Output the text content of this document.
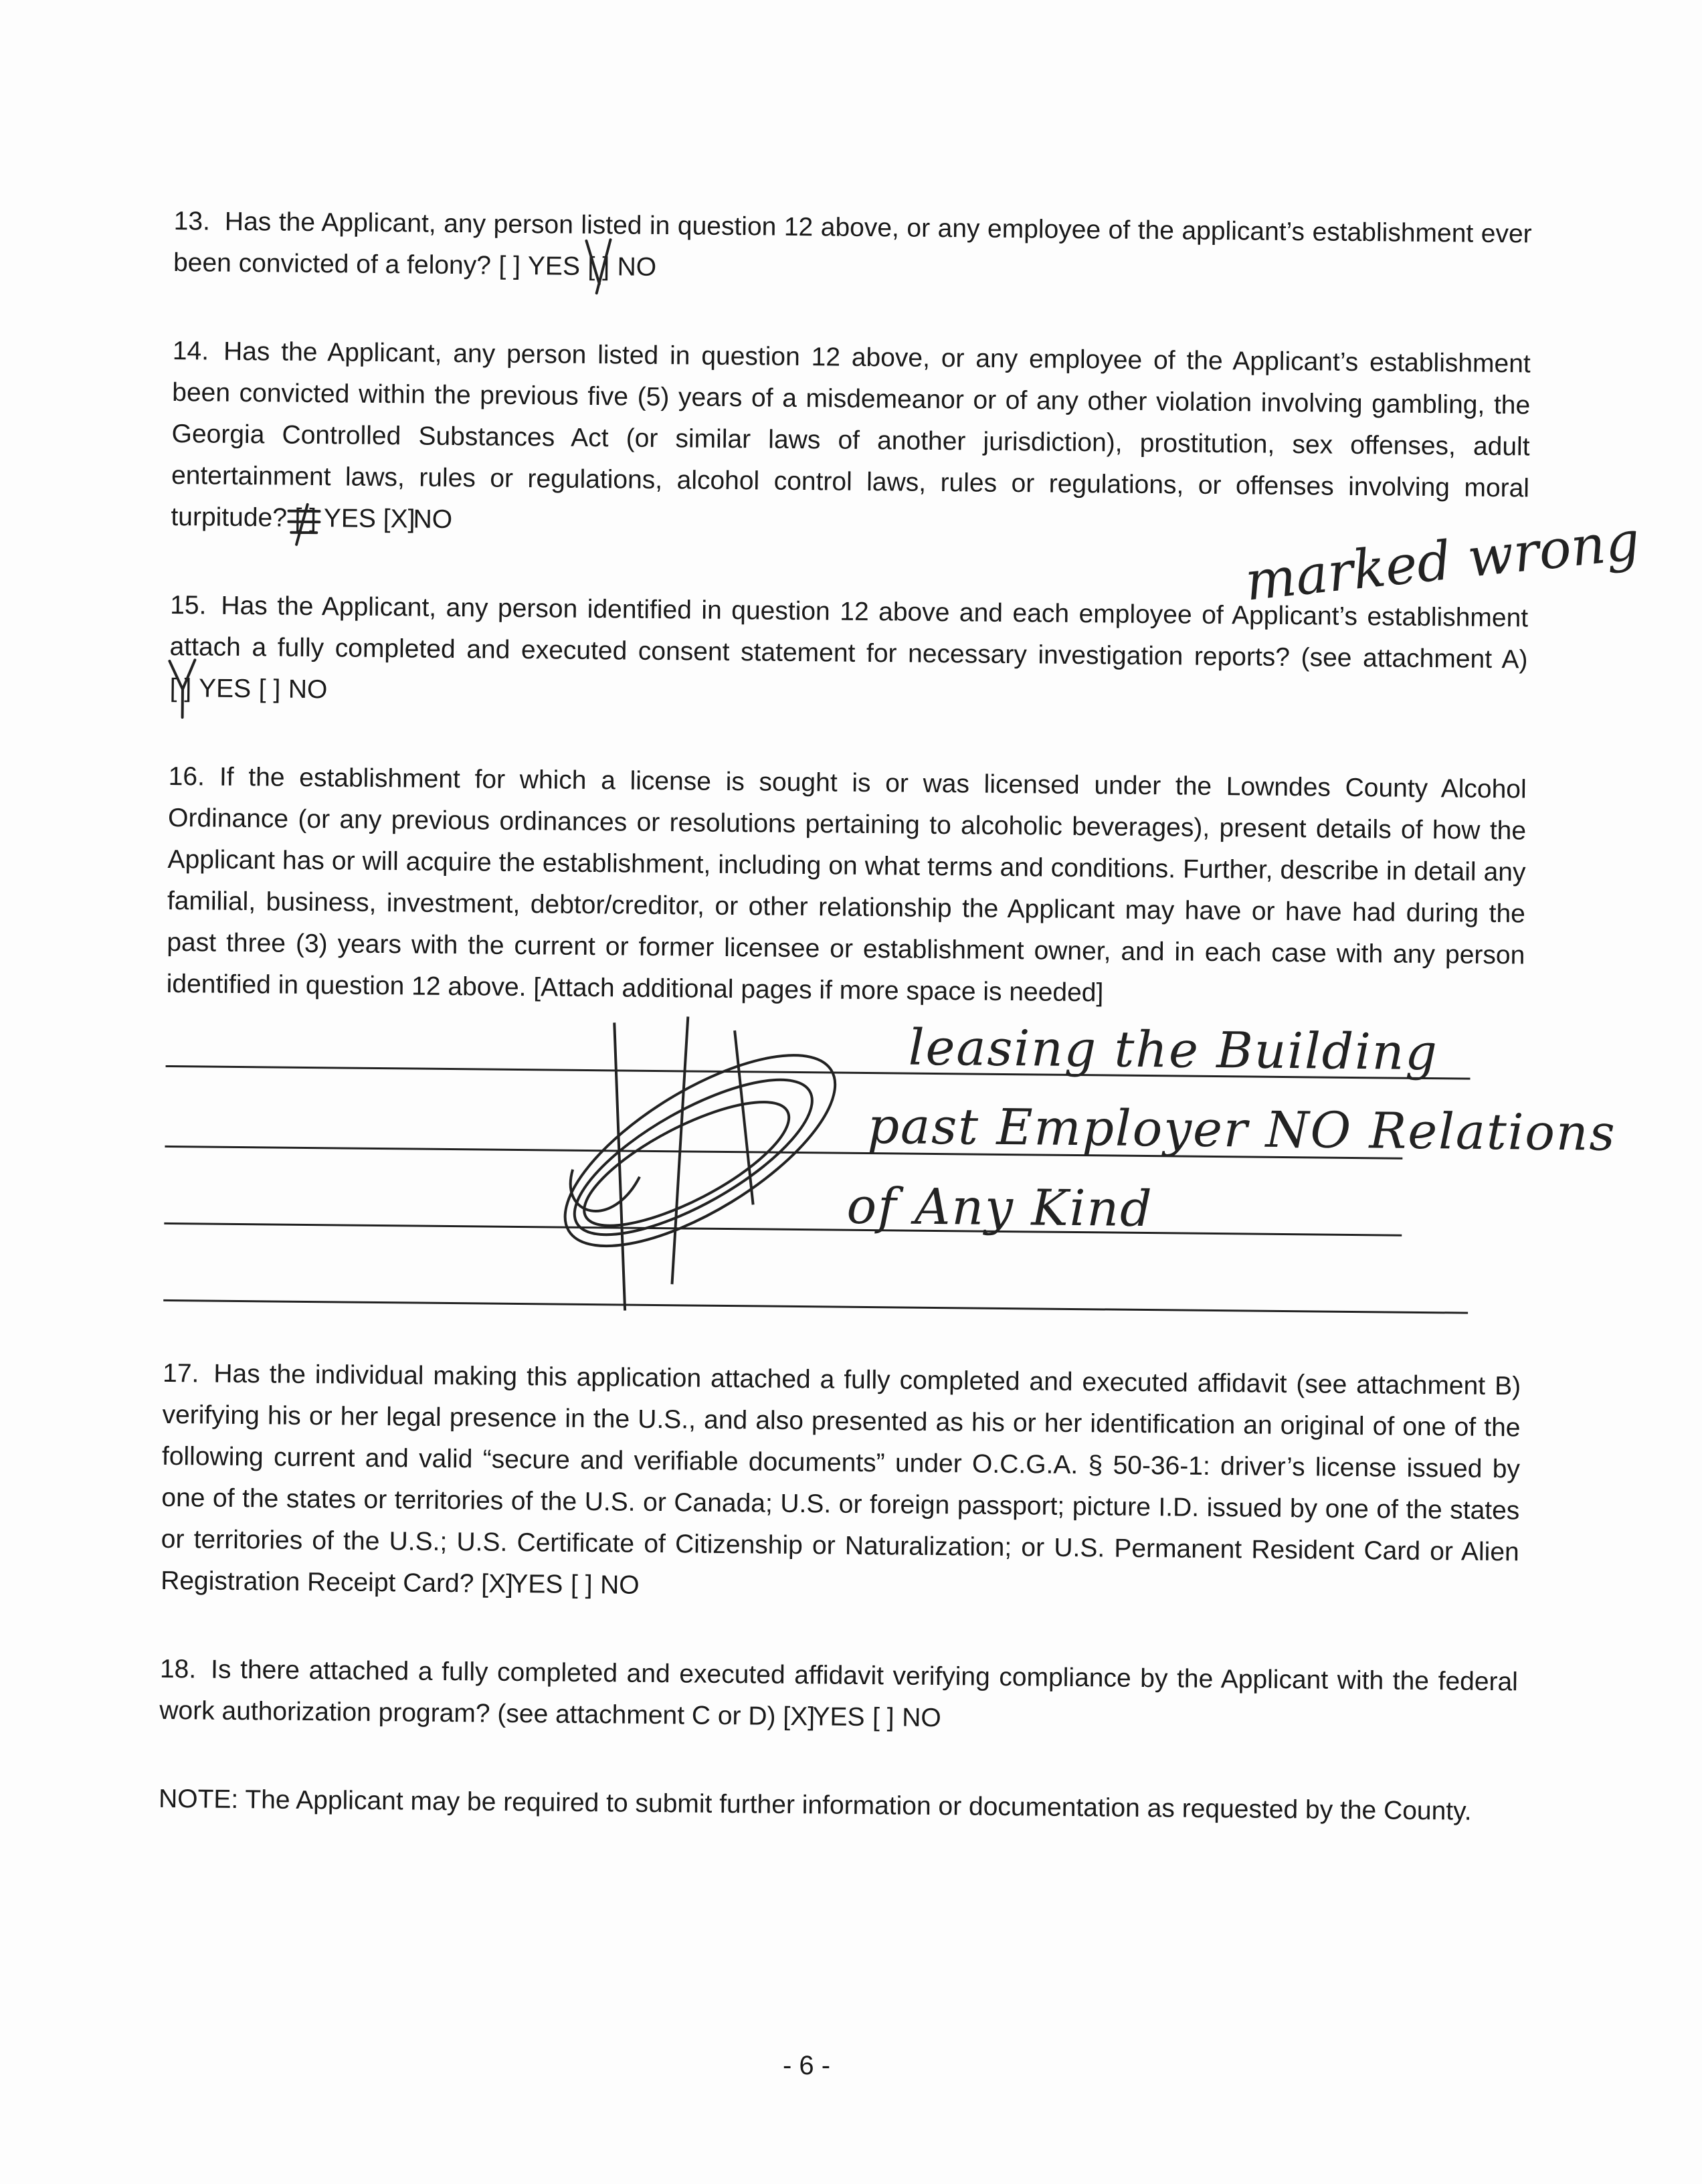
13. Has the Applicant, any person listed in question 12 above, or any employee of the applicant’s establishment ever been convicted of a felony? [ ] YES [ ] NO
14. Has the Applicant, any person listed in question 12 above, or any employee of the Applicant’s establishment been convicted within the previous five (5) years of a misdemeanor or of any other violation involving gambling, the Georgia Controlled Substances Act (or similar laws of another jurisdiction), prostitution, sex offenses, adult entertainment laws, rules or regulations, alcohol control laws, rules or regulations, or offenses involving moral turpitude? [ ] YES [X] NO
15. Has the Applicant, any person identified in question 12 above and each employee of Applicant’s establishment attach a fully completed and executed consent statement for necessary investigation reports? (see attachment A) [ ] YES [ ] NO
16. If the establishment for which a license is sought is or was licensed under the Lowndes County Alcohol Ordinance (or any previous ordinances or resolutions pertaining to alcoholic beverages), present details of how the Applicant has or will acquire the establishment, including on what terms and conditions. Further, describe in detail any familial, business, investment, debtor/creditor, or other relationship the Applicant may have or have had during the past three (3) years with the current or former licensee or establishment owner, and in each case with any person identified in question 12 above. [Attach additional pages if more space is needed]
leasing the Building
past Employer NO Relations
of Any Kind
17. Has the individual making this application attached a fully completed and executed affidavit (see attachment B) verifying his or her legal presence in the U.S., and also presented as his or her identification an original of one of the following current and valid “secure and verifiable documents” under O.C.G.A. § 50-36-1: driver’s license issued by one of the states or territories of the U.S. or Canada; U.S. or foreign passport; picture I.D. issued by one of the states or territories of the U.S.; U.S. Certificate of Citizenship or Naturalization; or U.S. Permanent Resident Card or Alien Registration Receipt Card? [X] YES [ ] NO
18. Is there attached a fully completed and executed affidavit verifying compliance by the Applicant with the federal work authorization program? (see attachment C or D) [X] YES [ ] NO
NOTE: The Applicant may be required to submit further information or documentation as requested by the County.
marked wrong
- 6 -
